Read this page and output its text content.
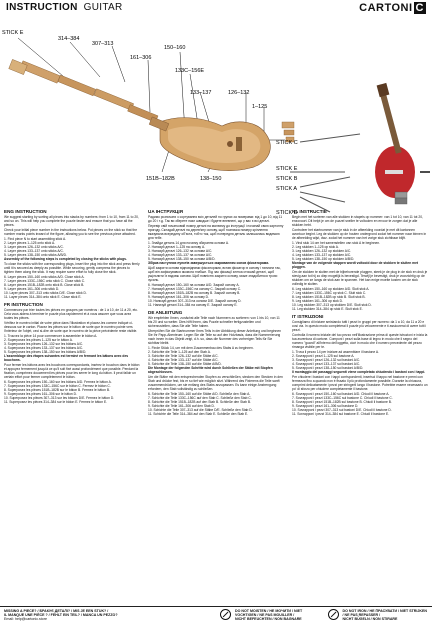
INSTRUCTION GUITAR	CARTONI C
STICK E
314–384
307–313
161–306
150–160
133C–156E
133–137	126–132
1–125
STICK C
STICK E
STICK B
STICK A
STICK D
151B–182B	138–150
ENG INSTRUCTION

We suggest starting by sorting all pieces into stacks by numbers: from 1 to 10, from 11 to 20, and so on. This will help you complete the puzzle faster and ensure that you have all the pieces.

Check your initial piece number in the instructions below. Put pieces on the stick so that the number marks points inward of the figure, allowing you to see the previous piece attached.

1. Find piece N to start assembling stick A.
2. Layer pieces 1–125 onto stick A.
3. Layer pieces 126–132 onto sticks A/C.
4. Layer pieces 133–137 onto sticks A/C.
5. Layer pieces 138–150 onto sticks A/B/D.

Assembly of the following steps is completed by closing the sticks with plugs.

To close the sticks with the corresponding plugs, insert the plug into the stick and press firmly until it is secured as deeply as possible. While securing, gently compress the pieces to tighten them along the stick. It may require some effort to fully close the stick.

6. Layer pieces 150–160 onto sticks A/D. Close stick A.
7. Layer pieces 133C–156C onto stick C. Close stick C.
8. Layer pieces 151B–182B onto stick B. Close stick B.
9. Layer pieces 161–306 onto stick D.
10. Layer pieces 307–313 onto sticks D/E. Close stick D.
11. Layer pieces 314–384 onto stick E. Close stick E.
FR INSTRUCTION

Commencez par trier toutes les pièces en groupes par numéros : de 1 à 10, de 11 à 20, etc. Cela vous aidera à terminer le puzzle plus rapidement et à vous assurer que vous avez toutes les pièces.

Vérifiez le numéro initial de votre pièce dans l'illustration et placez-les comme indiqué ci-dessous sur le carton. Placez les pièces sur le bâton de sorte que le numéro pointe vers l'intérieur de l'objet, ceci si-dire de sorte que le numéro de la pièce précédente reste visible.

1. Trouvez la pièce 14 pour commencer à assembler le bâton A.
2. Superposez les pièces 1–125 sur le bâton A.
3. Superposez les pièces 126–132 sur les bâtons A/C.
4. Superposez les pièces 133–137 sur les bâtons A/C.
5. Superposez les pièces 138–150 sur les bâtons A/B/D.

L'assemblage des étapes suivantes est terminé en fermant les bâtons avec des bouchons.

Pour fermer les bâtons avec les bouchons correspondants, insérez le bouchon dans le bâton et appuyez fermement jusqu'à ce qu'il soit fixé aussi profondément que possible. Pendant la fixation, comprimez doucement les pièces pour les serrer le long du bâton. Il peut falloir un certain effort pour fermer complètement le bâton.

6. Superposez les pièces 150–160 sur les bâtons A/D. Fermez le bâton A.
7. Superposez les pièces 133C–156C sur le bâton C. Fermez le bâton C.
8. Superposez les pièces 151B–182B sur le bâton B. Fermez le bâton B.
9. Superposez les pièces 161–306 sur le bâton D.
10. Superposez les pièces 307–313 sur les bâtons D/E. Fermez le bâton D.
11. Superposez les pièces 314–384 sur le bâton E. Fermez le bâton E.
UA ІНСТРУКЦІЯ

Радимо розпочати з сортування всіх деталей по групах за номерами: від 1 до 10, від 11 до 20 і т.д. Так ви зберете пазл швидше і будете впевнені, що у вас є всі деталі.

Перевір свій початковий номер деталі на малюнку до інструкції і починай свою картонну пригоду. Складай деталі на дерев'яну основу, щоб позначка номеру кріплення вказувала всередину об'єкта, тобто так, щоб попередня деталь залишалась видимою для тебе.

1. Знайди деталь 14 для початку збирання основи A.
2. Нанизуй деталі 1–125 на основу A.
3. Нанизуй деталі 126–132 на основи A/C.
4. Нанизуй деталі 133–137 на основи A/C.
5. Нанизуй деталі 138–150 на основи A/B/D.

Збірка наступних пунктів завершується закриванням основ фіксаторами.

Щоб закрити основи відповідними фіксаторами, встав фіксатор в основу і натисни так, щоб він зафіксувався якомога глибше. Під час фіксації злегка стискай деталі, щоб ущільнити їх вздовж основи. Щоб повністю закрити основу, може знадобитися трохи зусиль.

6. Нанизуй деталі 150–160 на основи A/D. Закрий основу A.
7. Нанизуй деталі 133C–156C на основу C. Закрий основу C.
8. Нанизуй деталі 151B–182B на основу B. Закрий основу B.
9. Нанизуй деталі 161–306 на основу D.
10. Нанизуй деталі 307–313 на основи D/E. Закрий основу D.
11. Нанизуй деталі 314–384 на основу E. Закрий основу E.
DE ANLEITUNG

Wir empfehlen Ihnen, zunächst alle Teile nach Nummern zu sortieren: von 1 bis 10, von 11 bis 20 und so weiter. Dies hilft Ihnen, das Puzzle schneller fertigzustellen und sicherzustellen, dass Sie alle Teile haben.

Überprüfen Sie die Startnummer Ihres Teils in der Abbildung dieser Anleitung und beginnen Sie Ihr Papp-Abenteuer. Legen Sie die Teile so auf den Holzbasis, dass die Nummerierung nach innen in das Objekt zeigt, d.h. so, dass die Nummer des vorherigen Teils für Sie sichtbar bleibt.

1. Finde Stück 14, um mit dem Zusammenbau des Stabs A zu beginnen.
2. Schichte die Teile 1–125 auf den Stab A.
3. Schichte die Teile 126–132 auf die Stäbe A/C.
4. Schichte die Teile 133–137 auf die Stäbe A/C.
5. Schichte die Teile 138–150 auf die Stäbe A/B/D.

Die Montage der folgenden Schritte wird durch Schließen der Stäbe mit Stopfen abgeschlossen.

Um die Stäbe mit den entsprechenden Stopfen zu verschließen, stecken den Stecken in den Stab und drücke fest, bis er so tief wie möglich sitzt. Während des Fixierens die Teile sanft zusammendrücken, um sie entlang des Stabs anzupassen. Es kann einige Anstrengung erfordern, den Stab vollständig zu schließen.

6. Schichte die Teile 150–160 auf die Stäbe A/D. Schließe den Stab A.
7. Schichte die Teile 133C–156C auf den Stab C. Schließe den Stab C.
8. Schichte die Teile 151B–182B auf den Stab B. Schließe den Stab B.
9. Schichte die Teile 161–306 auf den Stab D.
10. Schichte die Teile 307–313 auf die Stäbe D/E. Schließe den Stab D.
11. Schichte die Teile 314–384 auf den Stab E. Schließe den Stab E.
NL INSTRUCTIE

Begin met het sorteren van alle stukken in stapels op nummer: van 1 tot 10, van 11 tot 20, enzovoort. Dit helpt je om de puzzel sneller te voltooien en ervoor te zorgen dat je alle stukken hebt.

Controleer het startnummer van je stuk in de afbeelding voordat je met dit kartonnen avontuur begint. Leg de stukken op de houten ondergrond zodat het nummer naar binnen in de afbeelding wijst, dwz. zodat het nummer van het vorige stuk zichtbaar blijft.

1. Vind stuk 14 om het samenstellen van stok A te beginnen.
2. Leg stukken 1–125 op stok A.
3. Leg stukken 126–132 op stokken A/C.
4. Leg stukken 133–137 op stokken A/C.
5. Leg stukken 138–150 op stokken A/B/D.

Montage van de volgende stappen wordt voltooid door de stokken te sluiten met pluggen.

Om de stokken te sluiten met de bijbehorende pluggen, steek je de plug in de stok en druk je stevig aan tot hij zo diep mogelijk is bevestigd. Terwijl je bevestigt, druk je voorzichtig op de stukken om ze langs de stok aan te spannen. Het kan enige moeite kosten om de stok volledig te sluiten.

6. Leg stukken 150–160 op stokken A/D. Sluit stok A.
7. Leg stukken 133C–156C op stok C. Sluit stok C.
8. Leg stukken 151B–182B op stok B. Sluit stok B.
9. Leg stukken 161–306 op stok D.
10. Leg stukken 307–313 op stokken D/E. Sluit stok D.
11. Leg stukken 314–384 op stok E. Sluit stok E.
IT ISTRUZIONI

Consigliamo di iniziare smistando tutti i pezzi in gruppi per numero: da 1 a 10, da 11 a 20 e così via. In questo modo completerai il puzzle più velocemente e ti assicurerai di avere tutti i pezzi.

Controlla il numero iniziale del tuo pezzo nell'illustrazione prima di queste istruzioni e inizia la tua avventura di cartone. Componi i pezzi sulla base di legno in modo che il segno del numero "guardi" all'interno dell'oggetto, cioè in modo che il numero precedente del pezzo rimanga visibile per te.

1. Trova il pezzo 14 per iniziare ad assemblare il bastone A.
2. Sovrapponi i pezzi 1–125 sul bastone A.
3. Sovrapponi i pezzi 126–132 sui bastoni A/C.
4. Sovrapponi i pezzi 133–137 sui bastoni A/C.
5. Sovrapponi i pezzi 138–150 sui bastoni A/B/D.

Il montaggio dei passaggi seguenti viene completato chiudendo i bastoni con i tappi.

Per chiudere i bastoni con i tappi corrispondenti, inserisci il tappo nel bastone e premi con fermezza fino a quando non è fissato il più profondamente possibile. Durante la chiusura, comprimi delicatamente i pezzi per stringerli lungo il bastone. Potrebbe essere necessario un po' di sforzo per chiudere completamente il bastone.

6. Sovrapponi i pezzi 150–160 sui bastoni A/D. Chiudi il bastone A.
7. Sovrapponi i pezzi 133C–156C sul bastone C. Chiudi il bastone C.
8. Sovrapponi i pezzi 151B–182B sul bastone B. Chiudi il bastone B.
9. Sovrapponi i pezzi 161–306 sul bastone D.
10. Sovrapponi i pezzi 307–313 sui bastoni D/E. Chiudi il bastone D.
11. Sovrapponi i pezzi 314–384 sul bastone E. Chiudi il bastone E.
MISSING A PIECE? / БРАКУЄ ДЕТАЛІ? / MIS JE EEN STUK? /
IL MANQUE UNE PIÈCE ? / FEHLT EIN TEIL? / MANCA UN PEZZO?
Email: help@cartonic.store
DO NOT MOISTEN / НЕ МОЧИТИ / NIET VOCHTIGEN / NE PAS MOUILLER /
NICHT BEFEUCHTEN / NON BAGNARE
DO NOT IRON / НЕ ПРАСУВАТИ / NIET STRIJKEN / NE PAS REPASSER /
NICHT BÜGELN / NON STIRARE
